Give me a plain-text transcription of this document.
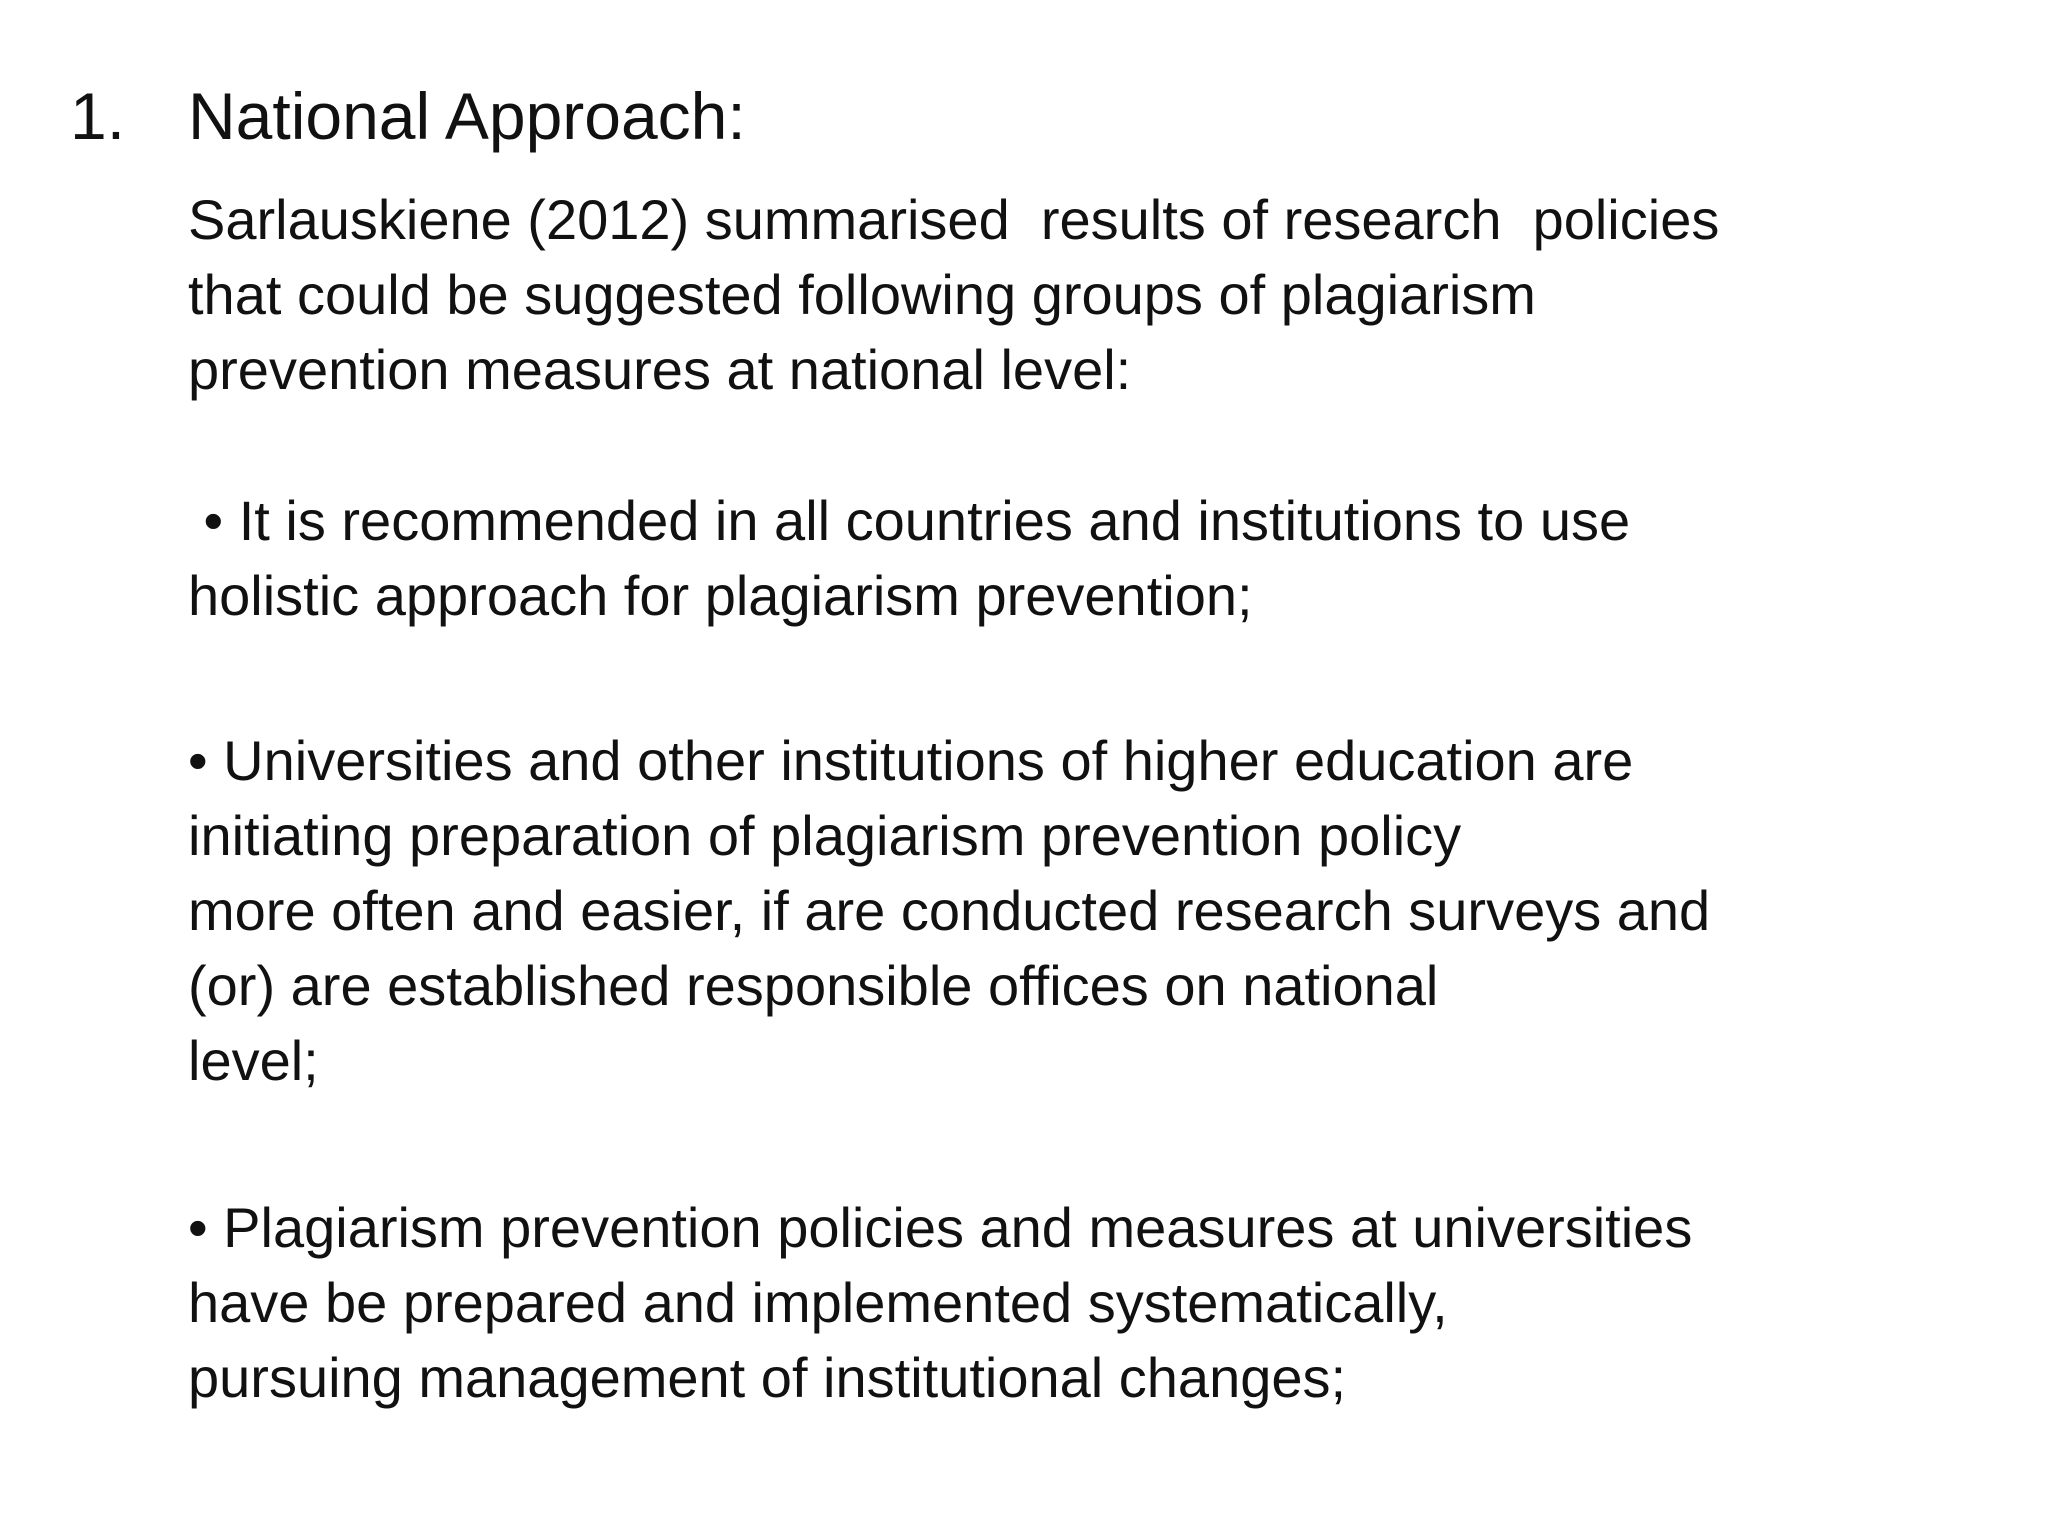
1. National Approach:
Sarlauskiene (2012) summarised  results of research  policies
that could be suggested following groups of plagiarism
prevention measures at national level:
• It is recommended in all countries and institutions to use
holistic approach for plagiarism prevention;
• Universities and other institutions of higher education are
initiating preparation of plagiarism prevention policy
more often and easier, if are conducted research surveys and
(or) are established responsible offices on national
level;
• Plagiarism prevention policies and measures at universities
have be prepared and implemented systematically,
pursuing management of institutional changes;
